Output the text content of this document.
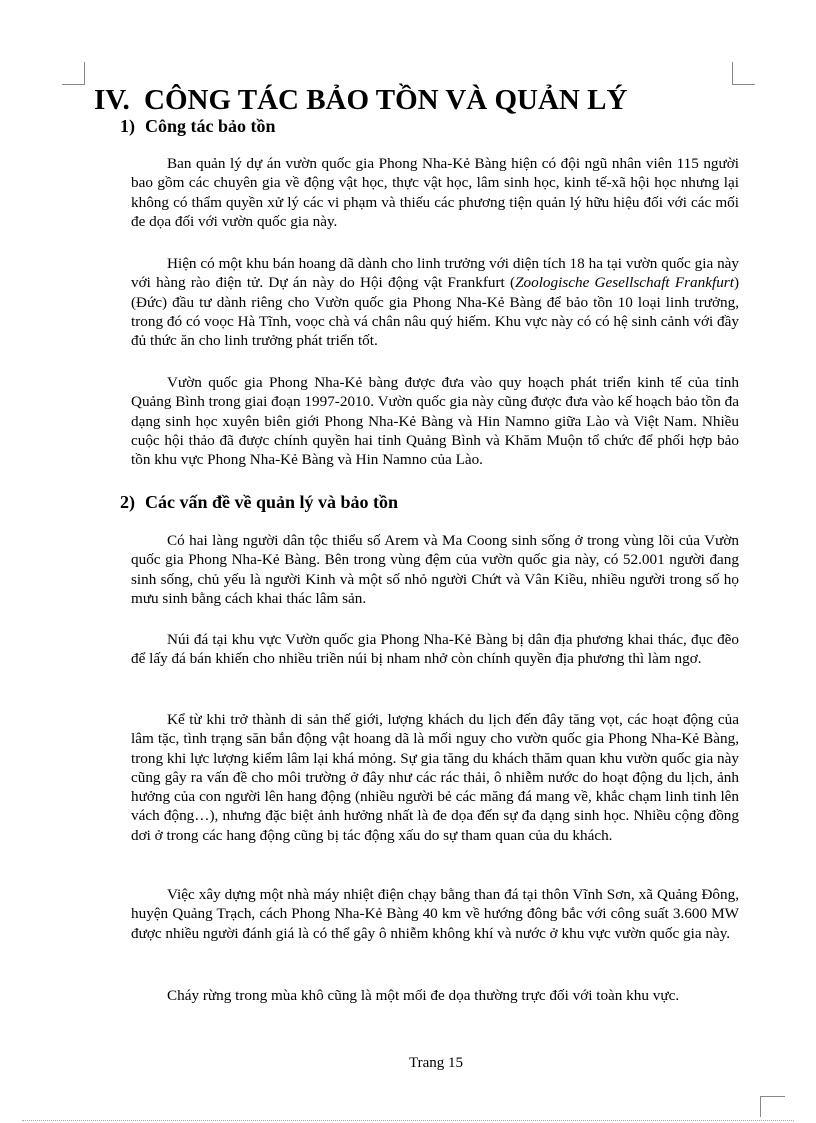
IV. CÔNG TÁC BẢO TỒN VÀ QUẢN LÝ
1) Công tác bảo tồn

Ban quản lý dự án vườn quốc gia Phong Nha-Kẻ Bàng hiện có đội ngũ nhân viên 115 người bao gồm các chuyên gia về động vật học, thực vật học, lâm sinh học, kinh tế-xã hội học nhưng lại không có thẩm quyền xử lý các vi phạm và thiếu các phương tiện quản lý hữu hiệu đối với các mối đe dọa đối với vườn quốc gia này.

Hiện có một khu bán hoang dã dành cho linh trưởng với diện tích 18 ha tại vườn quốc gia này với hàng rào điện tử. Dự án này do Hội động vật Frankfurt (Zoologische Gesellschaft Frankfurt) (Đức) đầu tư dành riêng cho Vườn quốc gia Phong Nha-Kẻ Bàng để bảo tồn 10 loại linh trưởng, trong đó có voọc Hà Tĩnh, voọc chà vá chân nâu quý hiếm. Khu vực này có có hệ sinh cảnh với đầy đủ thức ăn cho linh trưởng phát triển tốt.

Vườn quốc gia Phong Nha-Kẻ bàng được đưa vào quy hoạch phát triển kinh tế của tỉnh Quảng Bình trong giai đoạn 1997-2010. Vườn quốc gia này cũng được đưa vào kế hoạch bảo tồn đa dạng sinh học xuyên biên giới Phong Nha-Kẻ Bàng và Hin Namno giữa Lào và Việt Nam. Nhiều cuộc hội thảo đã được chính quyền hai tỉnh Quảng Bình và Khăm Muộn tổ chức để phối hợp bảo tồn khu vực Phong Nha-Kẻ Bàng và Hin Namno của Lào.

2) Các vấn đề về quản lý và bảo tồn

Có hai làng người dân tộc thiểu số Arem và Ma Coong sinh sống ở trong vùng lõi của Vườn quốc gia Phong Nha-Kẻ Bàng. Bên trong vùng đệm của vườn quốc gia này, có 52.001 người đang sinh sống, chủ yếu là người Kinh và một số nhỏ người Chứt và Vân Kiều, nhiều người trong số họ mưu sinh bằng cách khai thác lâm sản.

Núi đá tại khu vực Vườn quốc gia Phong Nha-Kẻ Bàng bị dân địa phương khai thác, đục đẽo để lấy đá bán khiến cho nhiều triền núi bị nham nhở còn chính quyền địa phương thì làm ngơ.

Kể từ khi trở thành di sản thế giới, lượng khách du lịch đến đây tăng vọt, các hoạt động của lâm tặc, tình trạng săn bắn động vật hoang dã là mối nguy cho vườn quốc gia Phong Nha-Kẻ Bàng, trong khi lực lượng kiểm lâm lại khá mỏng. Sự gia tăng du khách thăm quan khu vườn quốc gia này cũng gây ra vấn đề cho môi trường ở đây như các rác thải, ô nhiễm nước do hoạt động du lịch, ảnh hưởng của con người lên hang động (nhiều người bẻ các măng đá mang về, khắc chạm linh tinh lên vách động…), nhưng đặc biệt ảnh hưởng nhất là đe dọa đến sự đa dạng sinh học. Nhiều cộng đồng dơi ở trong các hang động cũng bị tác động xấu do sự tham quan của du khách.

Việc xây dựng một nhà máy nhiệt điện chạy bằng than đá tại thôn Vĩnh Sơn, xã Quảng Đông, huyện Quảng Trạch, cách Phong Nha-Kẻ Bàng 40 km về hướng đông bắc với công suất 3.600 MW được nhiều người đánh giá là có thể gây ô nhiễm không khí và nước ở khu vực vườn quốc gia này.

Cháy rừng trong mùa khô cũng là một mối đe dọa thường trực đối với toàn khu vực.

Trang 15
